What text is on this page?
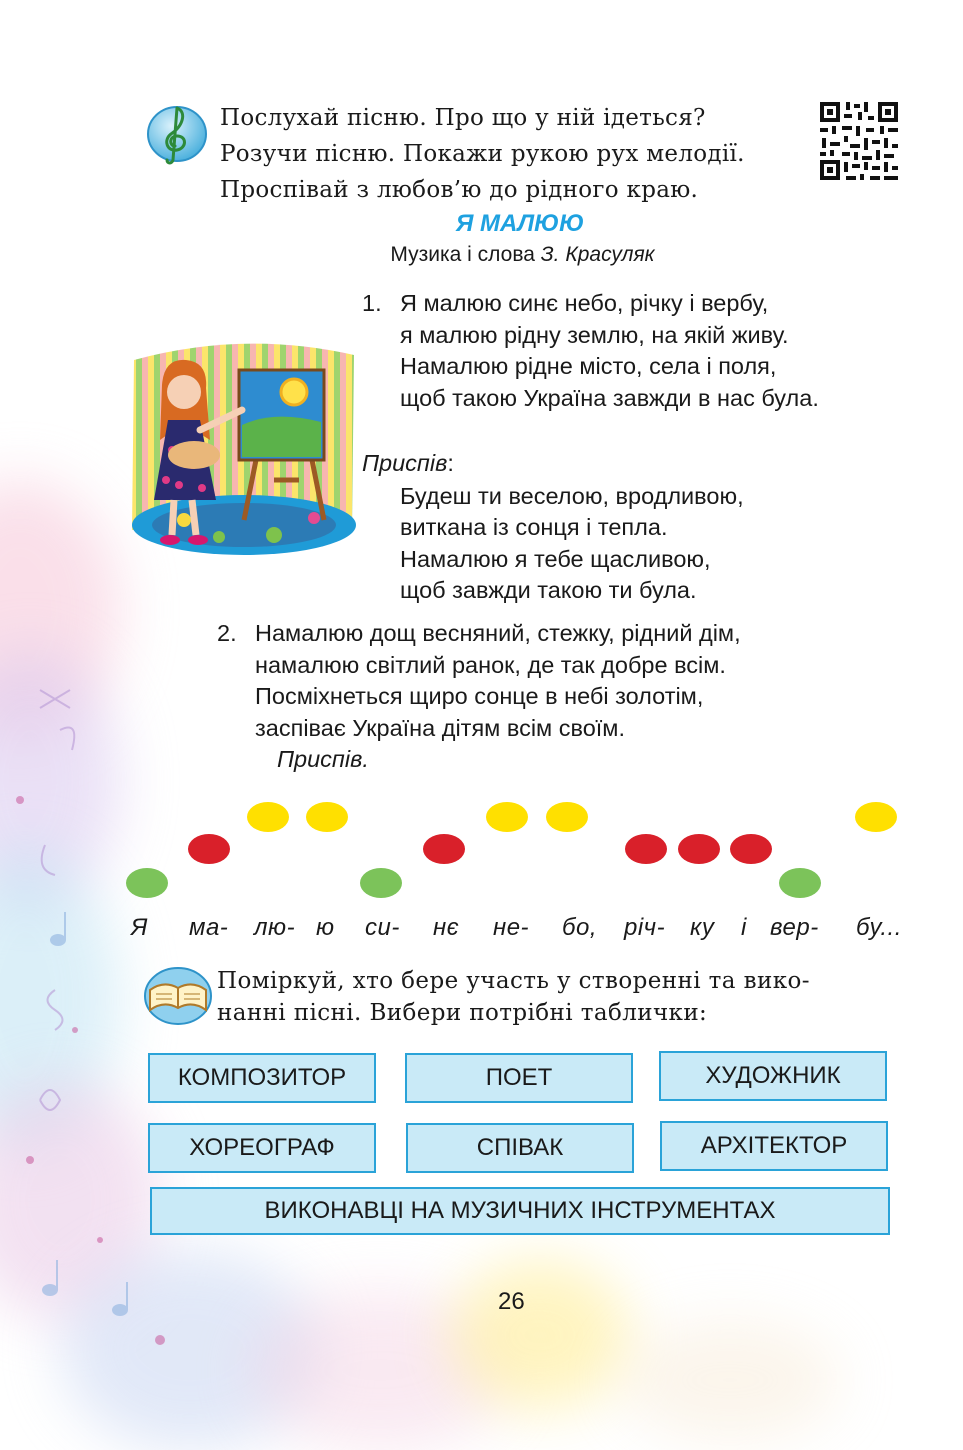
Послухай пісню. Про що у ній ідеться?
Розучи пісню. Покажи рукою рух мелодії.
Проспівай з любов’ю до рідного краю.
Я МАЛЮЮ
Музика і слова З. Красуляк
1. Я малюю синє небо, річку і вербу,
я малюю рідну землю, на якій живу.
Намалюю рідне місто, села і поля,
щоб такою Україна завжди в нас була.
Приспів:
Будеш ти веселою, вродливою,
виткана із сонця і тепла.
Намалюю я тебе щасливою,
щоб завжди такою ти була.
2. Намалюю дощ весняний, стежку, рідний дім,
намалюю світлий ранок, де так добре всім.
Посміхнеться щиро сонце в небі золотім,
заспіває Україна дітям всім своїм.
Приспів.
Я ма- лю- ю си- нє не- бо, річ- ку і вер- бу...
Поміркуй, хто бере участь у створенні та вико-
нанні пісні. Вибери потрібні таблички:
КОМПОЗИТОР	ПОЕТ	ХУДОЖНИК
ХОРЕОГРАФ	СПІВАК	АРХІТЕКТОР
ВИКОНАВЦІ НА МУЗИЧНИХ ІНСТРУМЕНТАХ
26
